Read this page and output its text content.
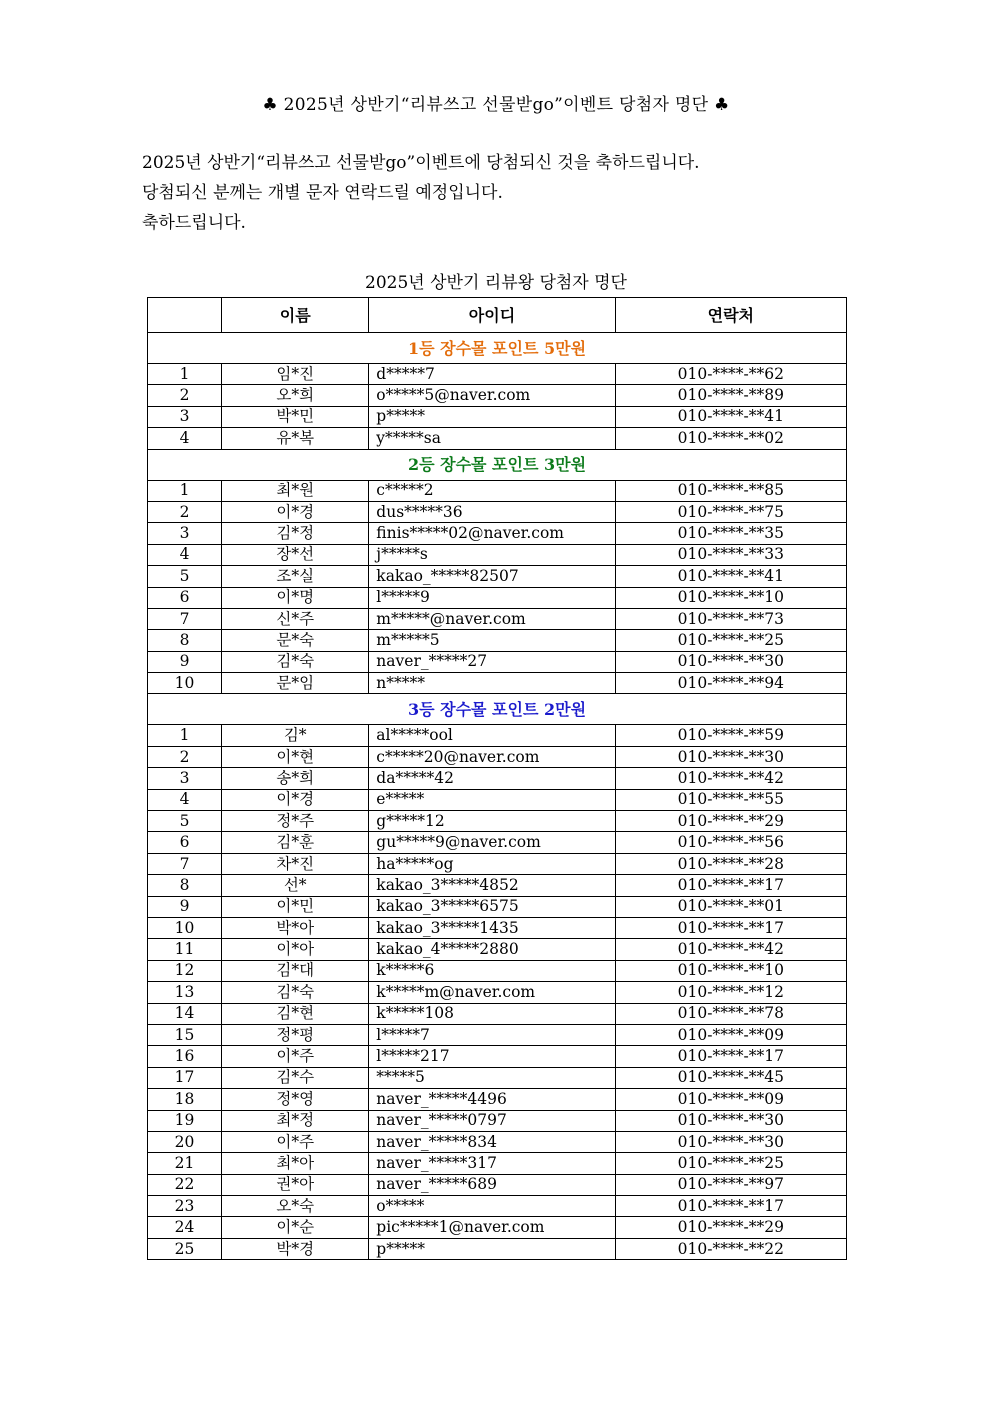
♣ 2025년 상반기“리뷰쓰고 선물받go”이벤트 당첨자 명단 ♣
2025년 상반기“리뷰쓰고 선물받go”이벤트에 당첨되신 것을 축하드립니다.
당첨되신 분께는 개별 문자 연락드릴 예정입니다.
축하드립니다.
2025년 상반기 리뷰왕 당첨자 명단
	이름	아이디	연락처
1등 장수몰 포인트 5만원			
1	임*진	d*****7	010-****-**62
2	오*희	o*****5@naver.com	010-****-**89
3	박*민	p*****	010-****-**41
4	유*복	y*****sa	010-****-**02
2등 장수몰 포인트 3만원			
1	최*원	c*****2	010-****-**85
2	이*경	dus*****36	010-****-**75
3	김*정	finis*****02@naver.com	010-****-**35
4	장*선	j*****s	010-****-**33
5	조*실	kakao_*****82507	010-****-**41
6	이*명	l*****9	010-****-**10
7	신*주	m*****@naver.com	010-****-**73
8	문*숙	m*****5	010-****-**25
9	김*숙	naver_*****27	010-****-**30
10	문*임	n*****	010-****-**94
3등 장수몰 포인트 2만원			
1	김*	al*****ool	010-****-**59
2	이*현	c*****20@naver.com	010-****-**30
3	송*희	da*****42	010-****-**42
4	이*경	e*****	010-****-**55
5	정*주	g*****12	010-****-**29
6	김*훈	gu*****9@naver.com	010-****-**56
7	차*진	ha*****og	010-****-**28
8	선*	kakao_3*****4852	010-****-**17
9	이*민	kakao_3*****6575	010-****-**01
10	박*아	kakao_3*****1435	010-****-**17
11	이*아	kakao_4*****2880	010-****-**42
12	김*대	k*****6	010-****-**10
13	김*숙	k*****m@naver.com	010-****-**12
14	김*현	k*****108	010-****-**78
15	정*평	l*****7	010-****-**09
16	이*주	l*****217	010-****-**17
17	김*수	*****5	010-****-**45
18	정*영	naver_*****4496	010-****-**09
19	최*정	naver_*****0797	010-****-**30
20	이*주	naver_*****834	010-****-**30
21	최*아	naver_*****317	010-****-**25
22	권*아	naver_*****689	010-****-**97
23	오*숙	o*****	010-****-**17
24	이*순	pic*****1@naver.com	010-****-**29
25	박*경	p*****	010-****-**22
